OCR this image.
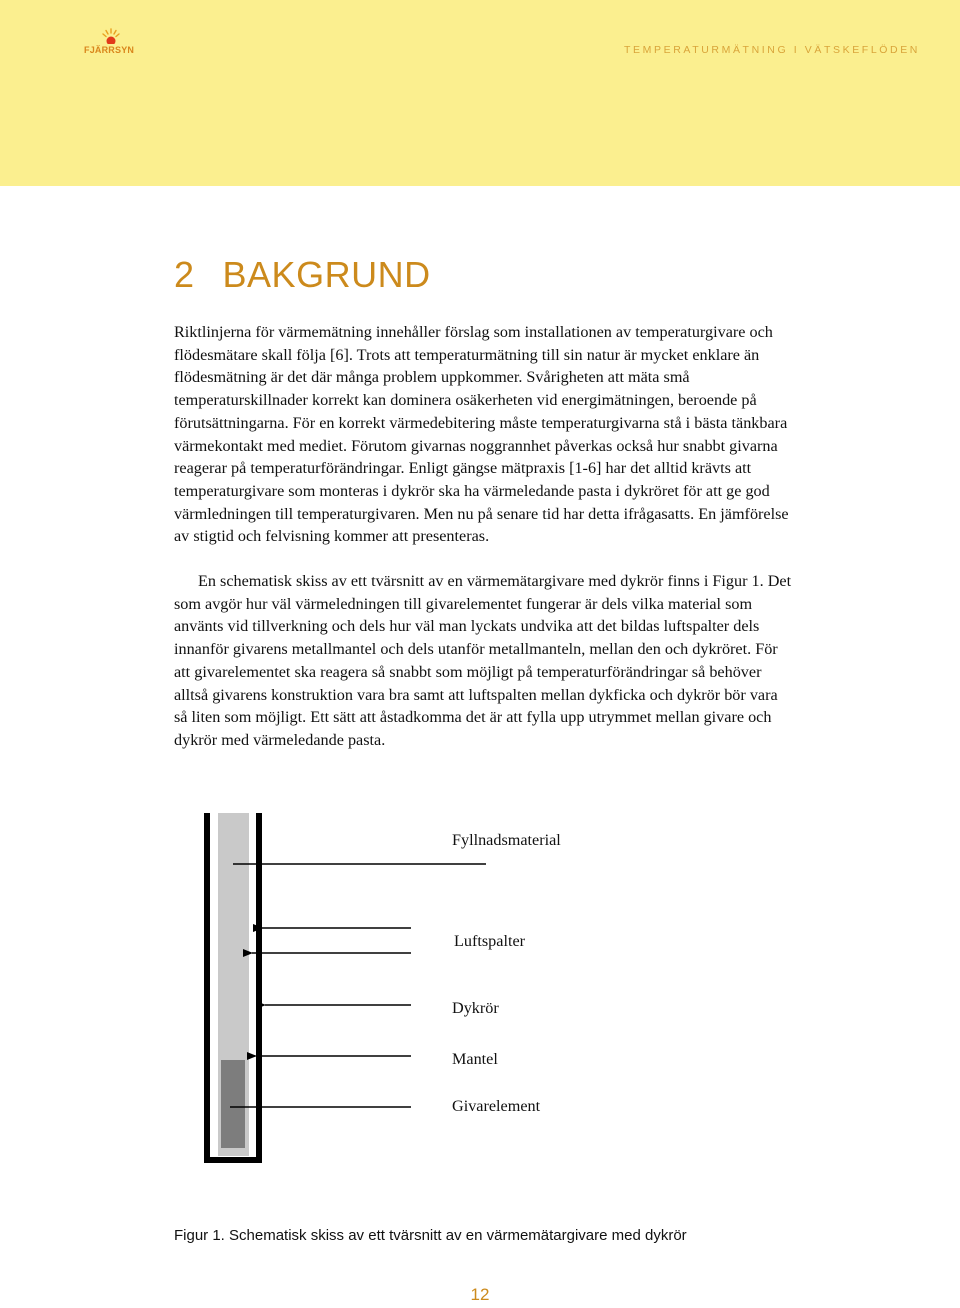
FJÄRRSYN	TEMPERATURMÄTNING I VÄTSKEFLÖDEN
2 BAKGRUND

Riktlinjerna för värmemätning innehåller förslag som installationen av temperaturgivare och flödesmätare skall följa [6]. Trots att temperaturmätning till sin natur är mycket enklare än flödesmätning är det där många problem uppkommer. Svårigheten att mäta små temperaturskillnader korrekt kan dominera osäkerheten vid energimätningen, beroende på förutsättningarna. För en korrekt värmedebitering måste temperaturgivarna stå i bästa tänkbara värmekontakt med mediet. Förutom givarnas noggrannhet påverkas också hur snabbt givarna reagerar på temperaturförändringar. Enligt gängse mätpraxis [1-6] har det alltid krävts att temperaturgivare som monteras i dykrör ska ha värmeledande pasta i dykröret för att ge god värmledningen till temperaturgivaren. Men nu på senare tid har detta ifrågasatts. En jämförelse av stigtid och felvisning kommer att presenteras.

En schematisk skiss av ett tvärsnitt av en värmemätargivare med dykrör finns i Figur 1. Det som avgör hur väl värmeledningen till givarelementet fungerar är dels vilka material som använts vid tillverkning och dels hur väl man lyckats undvika att det bildas luftspalter dels innanför givarens metallmantel och dels utanför metallmanteln, mellan den och dykröret. För att givarelementet ska reagera så snabbt som möjligt på temperaturförändringar så behöver alltså givarens konstruktion vara bra samt att luftspalten mellan dykficka och dykrör bör vara så liten som möjligt. Ett sätt att åstadkomma det är att fylla upp utrymmet mellan givare och dykrör med värmeledande pasta.

Fyllnadsmaterial
Luftspalter
Dykrör
Mantel
Givarelement
Figur 1. Schematisk skiss av ett tvärsnitt av en värmemätargivare med dykrör
12
